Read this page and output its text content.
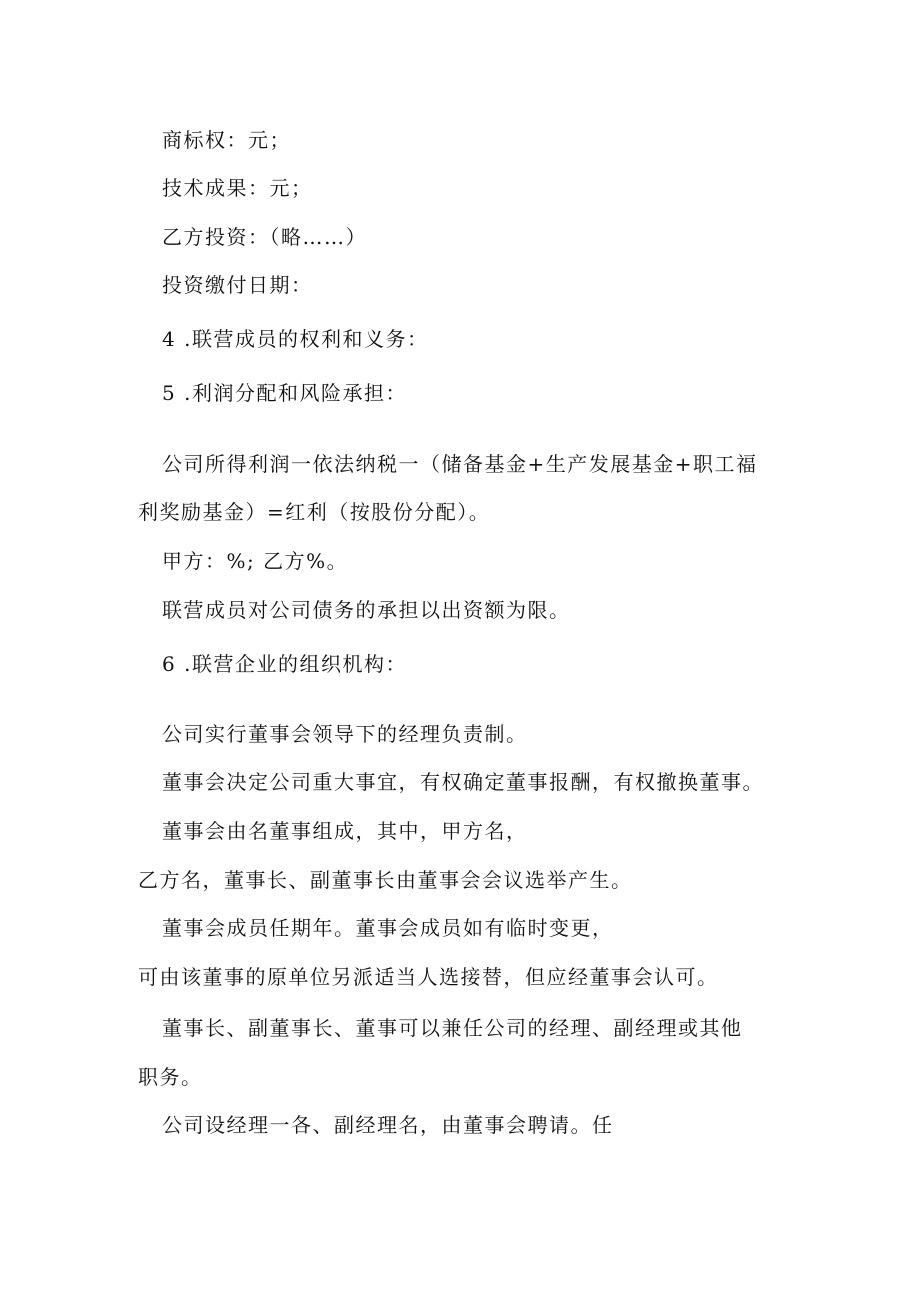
商标权：元；
技术成果：元；
乙方投资：（略……）
投资缴付日期：
4 .联营成员的权利和义务：
5 .利润分配和风险承担：
公司所得利润一依法纳税一（储备基金+生产发展基金+职工福
利奖励基金）=红利（按股份分配）。
甲方：%; 乙方%。
联营成员对公司债务的承担以出资额为限。
6 .联营企业的组织机构：
公司实行董事会领导下的经理负责制。
董事会决定公司重大事宜，有权确定董事报酬，有权撤换董事。
董事会由名董事组成，其中，甲方名，
乙方名，董事长、副董事长由董事会会议选举产生。
董事会成员任期年。董事会成员如有临时变更，
可由该董事的原单位另派适当人选接替，但应经董事会认可。
董事长、副董事长、董事可以兼任公司的经理、副经理或其他
职务。
公司设经理一各、副经理名，由董事会聘请。任
